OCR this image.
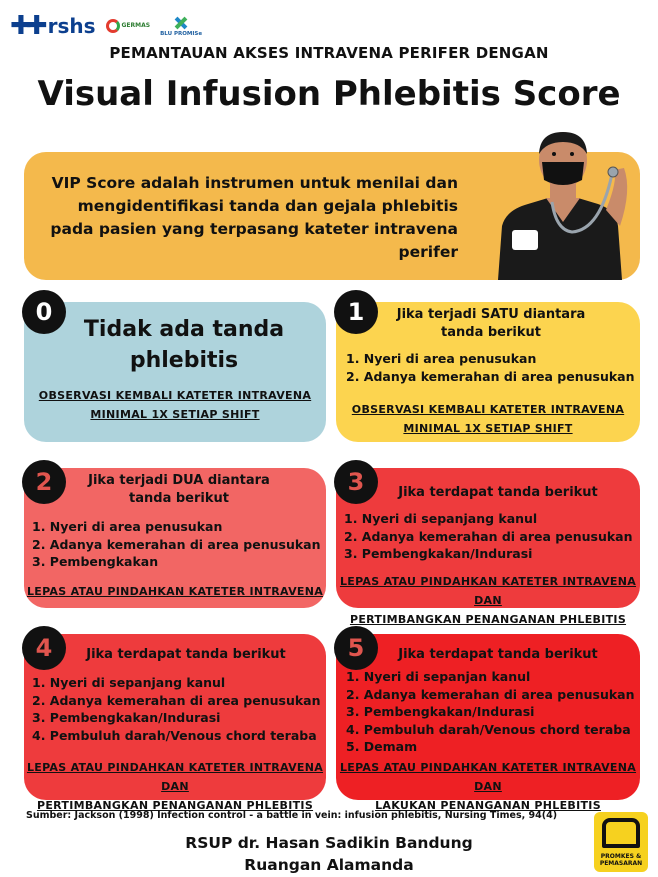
✚✚ rshs	GERMAS
BLU PROMISe
PEMANTAUAN AKSES INTRAVENA PERIFER DENGAN
Visual Infusion Phlebitis Score
VIP Score adalah instrumen untuk menilai dan
mengidentifikasi tanda dan gejala phlebitis
pada pasien yang terpasang kateter intravena
perifer
Tidak ada tanda
phlebitis
OBSERVASI KEMBALI KATETER INTRAVENA
MINIMAL 1X SETIAP SHIFT
0	Jika terjadi SATU diantara
tanda berikut
1. Nyeri di area penusukan
2. Adanya kemerahan di area penusukan
OBSERVASI KEMBALI KATETER INTRAVENA
MINIMAL 1X SETIAP SHIFT
1
Jika terjadi DUA diantara
tanda berikut
1. Nyeri di area penusukan
2. Adanya kemerahan di area penusukan
3. Pembengkakan
LEPAS ATAU PINDAHKAN KATETER INTRAVENA
2	Jika terdapat tanda berikut
1. Nyeri di sepanjang kanul
2. Adanya kemerahan di area penusukan
3. Pembengkakan/Indurasi
LEPAS ATAU PINDAHKAN KATETER INTRAVENA DAN
PERTIMBANGKAN PENANGANAN PHLEBITIS
3
Jika terdapat tanda berikut
1. Nyeri di sepanjang kanul
2. Adanya kemerahan di area penusukan
3. Pembengkakan/Indurasi
4. Pembuluh darah/Venous chord teraba
LEPAS ATAU PINDAHKAN KATETER INTRAVENA DAN
PERTIMBANGKAN PENANGANAN PHLEBITIS
4	Jika terdapat tanda berikut
1. Nyeri di sepanjan kanul
2. Adanya kemerahan di area penusukan
3. Pembengkakan/Indurasi
4. Pembuluh darah/Venous chord teraba
5. Demam
LEPAS ATAU PINDAHKAN KATETER INTRAVENA DAN
LAKUKAN PENANGANAN PHLEBITIS
5
Sumber: Jackson (1998) Infection control - a battle in vein: infusion phlebitis, Nursing Times, 94(4)
RSUP dr. Hasan Sadikin Bandung
Ruangan Alamanda	PROMKES &
PEMASARAN
